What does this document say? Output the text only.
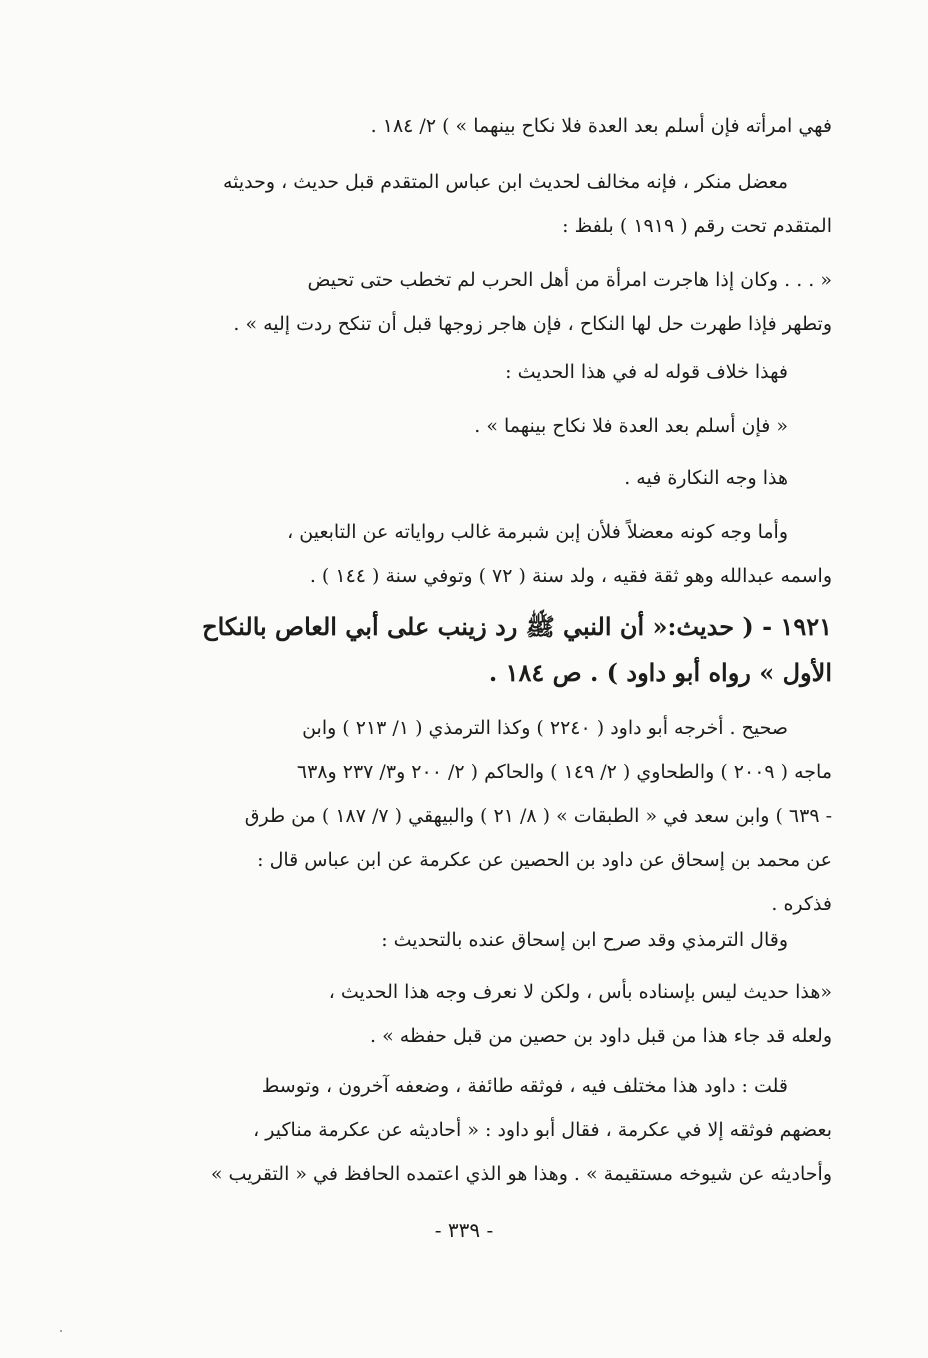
فهي امرأته فإن أسلم بعد العدة فلا نكاح بينهما » ) ٢/ ١٨٤ .
معضل منكر ، فإنه مخالف لحديث ابن عباس المتقدم قبل حديث ، وحديثه
المتقدم تحت رقم ( ١٩١٩ ) بلفظ :
« . . . وكان إذا هاجرت امرأة من أهل الحرب لم تخطب حتى تحيض
وتطهر فإذا طهرت حل لها النكاح ، فإن هاجر زوجها قبل أن تنكح ردت إليه » .
فهذا خلاف قوله له في هذا الحديث :
« فإن أسلم بعد العدة فلا نكاح بينهما » .
هذا وجه النكارة فيه .
وأما وجه كونه معضلاً فلأن إبن شبرمة غالب رواياته عن التابعين ،
واسمه عبدالله وهو ثقة فقيه ، ولد سنة ( ٧٢ ) وتوفي سنة ( ١٤٤ ) .
١٩٢١ - ( حديث:« أن النبي ﷺ رد زينب على أبي العاص بالنكاح
الأول » رواه أبو داود ) . ص ١٨٤ .
صحيح . أخرجه أبو داود ( ٢٢٤٠ ) وكذا الترمذي ( ١/ ٢١٣ ) وابن
ماجه ( ٢٠٠٩ ) والطحاوي ( ٢/ ١٤٩ ) والحاكم ( ٢/ ٢٠٠ و٣/ ٢٣٧ و٦٣٨
- ٦٣٩ ) وابن سعد في « الطبقات » ( ٨/ ٢١ ) والبيهقي ( ٧/ ١٨٧ ) من طرق
عن محمد بن إسحاق عن داود بن الحصين عن عكرمة عن ابن عباس قال :
فذكره .
وقال الترمذي وقد صرح ابن إسحاق عنده بالتحديث :
«هذا حديث ليس بإسناده بأس ، ولكن لا نعرف وجه هذا الحديث ،
ولعله قد جاء هذا من قبل داود بن حصين من قبل حفظه » .
قلت : داود هذا مختلف فيه ، فوثقه طائفة ، وضعفه آخرون ، وتوسط
بعضهم فوثقه إلا في عكرمة ، فقال أبو داود : « أحاديثه عن عكرمة مناكير ،
وأحاديثه عن شيوخه مستقيمة » . وهذا هو الذي اعتمده الحافظ في « التقريب »
- ٣٣٩ -
